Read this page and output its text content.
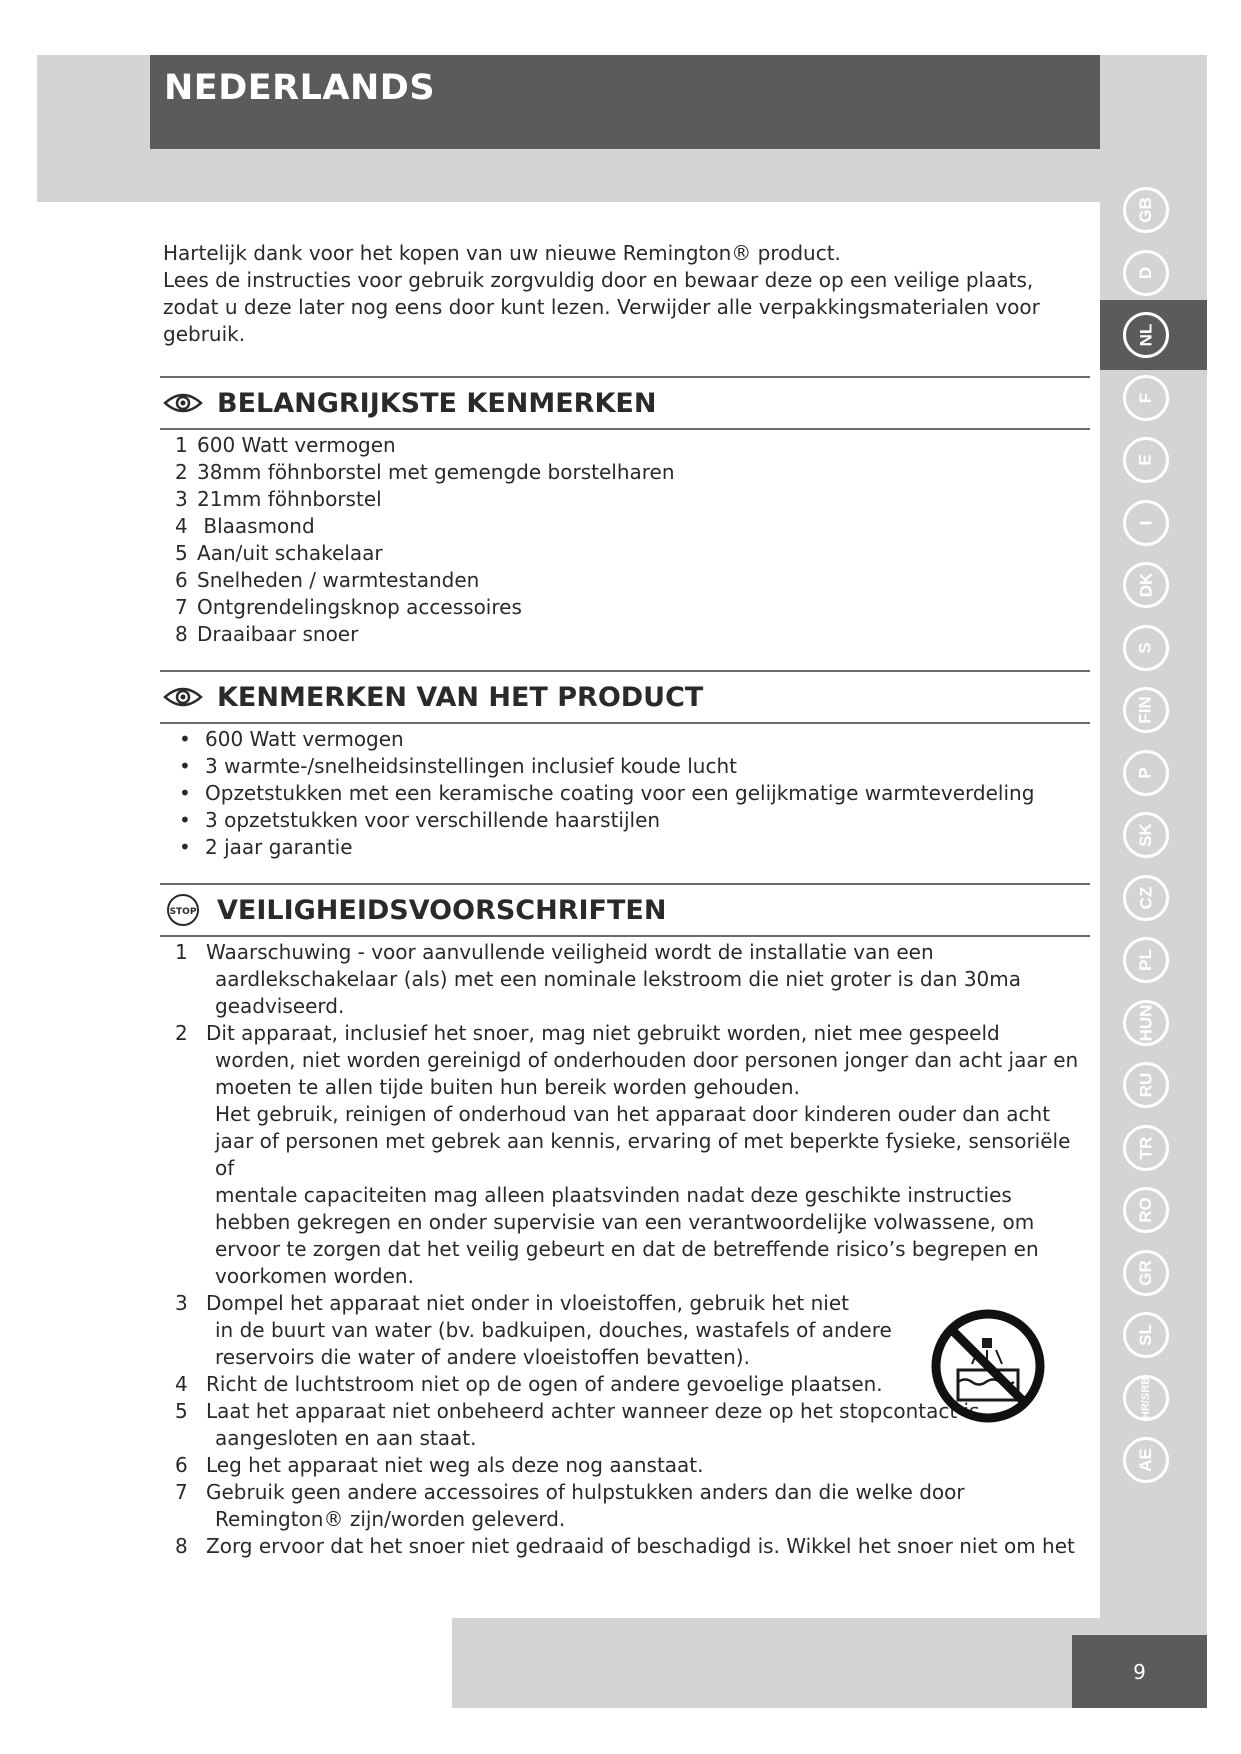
NEDERLANDS
GB
D
NL
F
E
I
DK
S
FIN
P
SK
CZ
PL
HUN
RU
TR
RO
GR
SL
HR/SRB
AE

Hartelijk dank voor het kopen van uw nieuwe Remington® product.

Lees de instructies voor gebruik zorgvuldig door en bewaar deze op een veilige plaats,

zodat u deze later nog eens door kunt lezen. Verwijder alle verpakkingsmaterialen voor

gebruik.

BELANGRIJKSTE KENMERKEN
1 600 Watt vermogen
2 38mm föhnborstel met gemengde borstelharen
3 21mm föhnborstel
4 Blaasmond
5 Aan/uit schakelaar
6 Snelheden / warmtestanden
7 Ontgrendelingsknop accessoires
8 Draaibaar snoer
KENMERKEN VAN HET PRODUCT
• 600 Watt vermogen
• 3 warmte-/snelheidsinstellingen inclusief koude lucht
• Opzetstukken met een keramische coating voor een gelijkmatige warmteverdeling
• 3 opzetstukken voor verschillende haarstijlen
• 2 jaar garantie
STOP VEILIGHEIDSVOORSCHRIFTEN
1 Waarschuwing - voor aanvullende veiligheid wordt de installatie van een
aardlekschakelaar (als) met een nominale lekstroom die niet groter is dan 30ma
geadviseerd.
2 Dit apparaat, inclusief het snoer, mag niet gebruikt worden, niet mee gespeeld
worden, niet worden gereinigd of onderhouden door personen jonger dan acht jaar en
moeten te allen tijde buiten hun bereik worden gehouden.
Het gebruik, reinigen of onderhoud van het apparaat door kinderen ouder dan acht
jaar of personen met gebrek aan kennis, ervaring of met beperkte fysieke, sensoriële of
mentale capaciteiten mag alleen plaatsvinden nadat deze geschikte instructies
hebben gekregen en onder supervisie van een verantwoordelijke volwassene, om
ervoor te zorgen dat het veilig gebeurt en dat de betreffende risico’s begrepen en
voorkomen worden.
3 Dompel het apparaat niet onder in vloeistoffen, gebruik het niet
in de buurt van water (bv. badkuipen, douches, wastafels of andere
reservoirs die water of andere vloeistoffen bevatten).
4 Richt de luchtstroom niet op de ogen of andere gevoelige plaatsen.
5 Laat het apparaat niet onbeheerd achter wanneer deze op het stopcontact is
aangesloten en aan staat.
6 Leg het apparaat niet weg als deze nog aanstaat.
7 Gebruik geen andere accessoires of hulpstukken anders dan die welke door
Remington® zijn/worden geleverd.
8 Zorg ervoor dat het snoer niet gedraaid of beschadigd is. Wikkel het snoer niet om het
9
